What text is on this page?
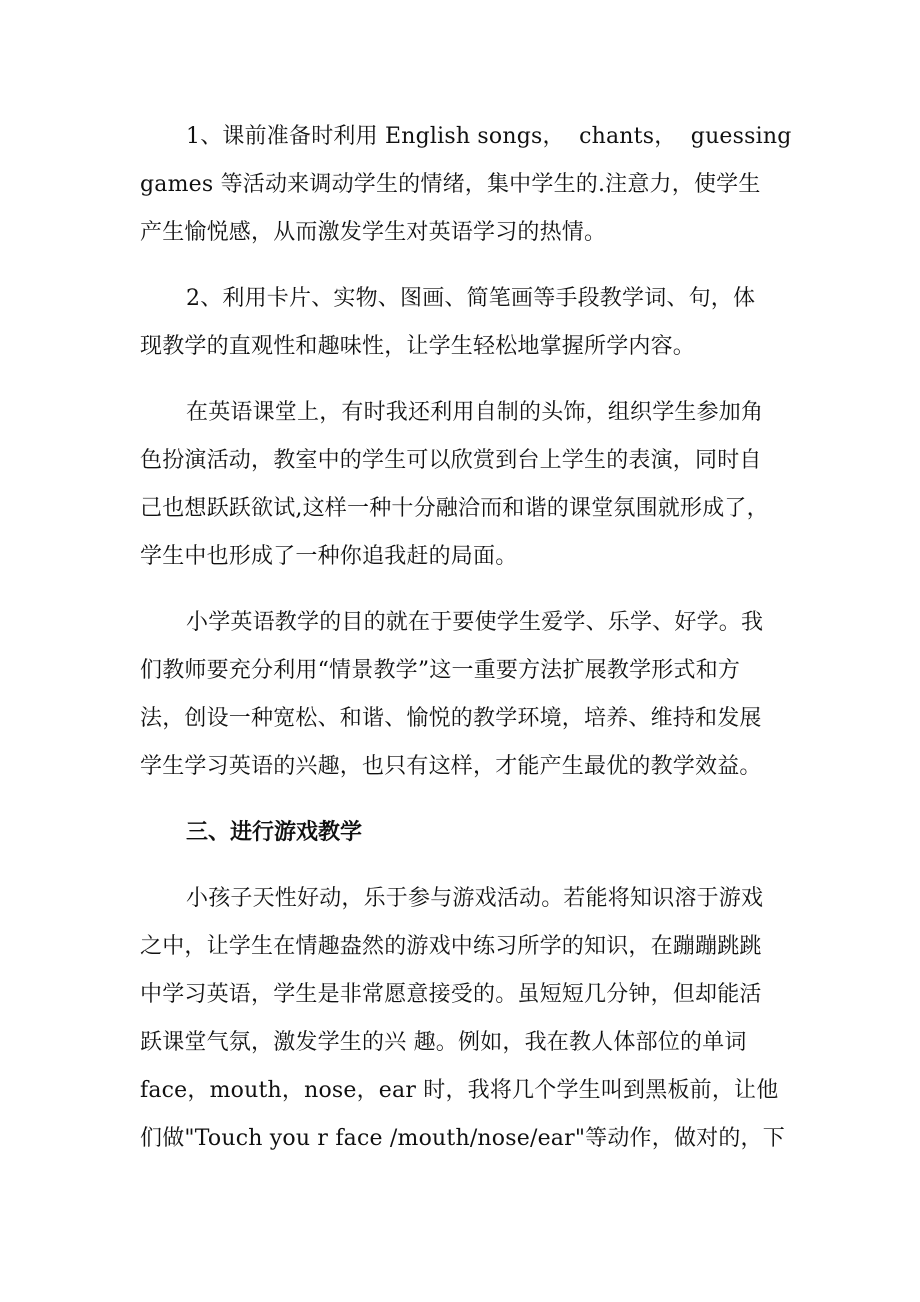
1、课前准备时利用 English songs，  chants，  guessing

games 等活动来调动学生的情绪，集中学生的.注意力，使学生

产生愉悦感，从而激发学生对英语学习的热情。

2、利用卡片、实物、图画、简笔画等手段教学词、句，体

现教学的直观性和趣味性，让学生轻松地掌握所学内容。

在英语课堂上，有时我还利用自制的头饰，组织学生参加角

色扮演活动，教室中的学生可以欣赏到台上学生的表演，同时自

己也想跃跃欲试,这样一种十分融洽而和谐的课堂氛围就形成了，

学生中也形成了一种你追我赶的局面。

小学英语教学的目的就在于要使学生爱学、乐学、好学。我

们教师要充分利用“情景教学”这一重要方法扩展教学形式和方

法，创设一种宽松、和谐、愉悦的教学环境，培养、维持和发展

学生学习英语的兴趣，也只有这样，才能产生最优的教学效益。

三、进行游戏教学

小孩子天性好动，乐于参与游戏活动。若能将知识溶于游戏

之中，让学生在情趣盎然的游戏中练习所学的知识，在蹦蹦跳跳

中学习英语，学生是非常愿意接受的。虽短短几分钟，但却能活

跃课堂气氛，激发学生的兴 趣。例如，我在教人体部位的单词

face，mouth，nose，ear 时，我将几个学生叫到黑板前，让他

们做"Touch you r face /mouth/nose/ear"等动作，做对的，下
